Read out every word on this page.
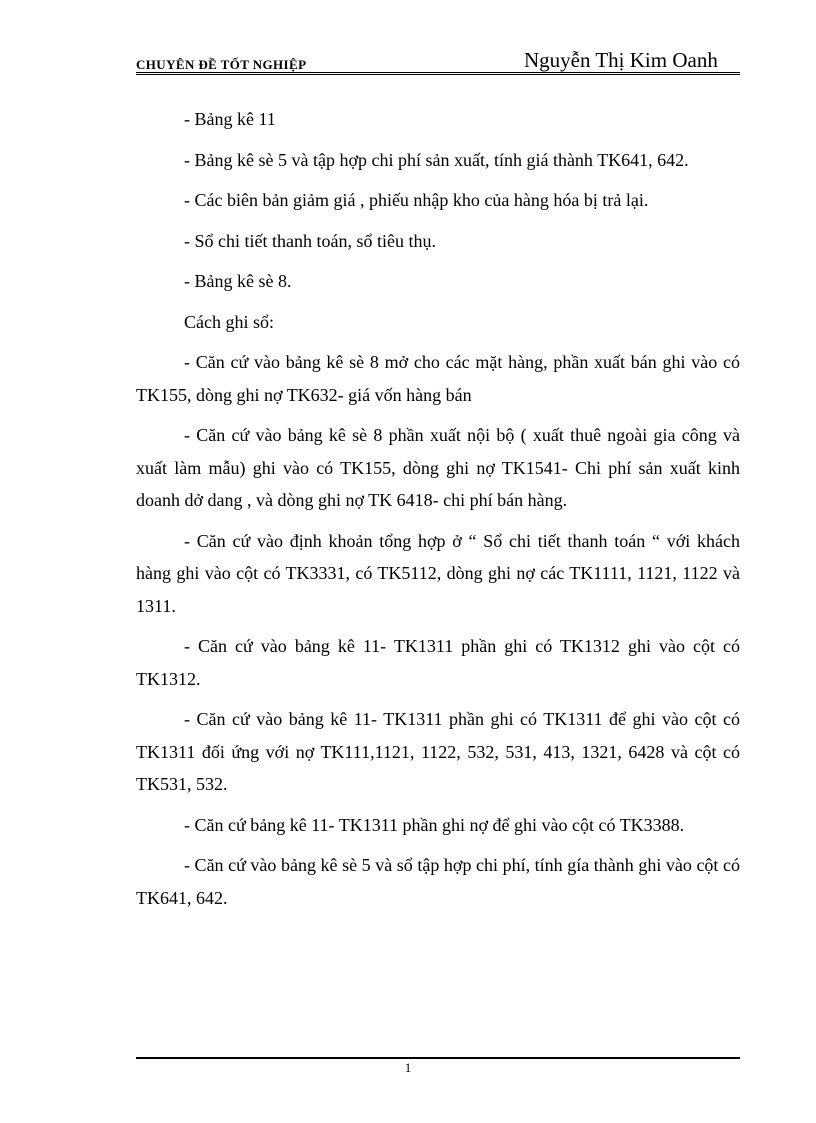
CHUYÊN ĐỀ TỐT NGHIỆP	Nguyễn Thị Kim Oanh

- Bảng kê 11

- Bảng kê sè 5 và tập hợp chi phí sản xuất, tính giá thành TK641, 642.

- Các biên bản giảm giá , phiếu nhập kho của hàng hóa bị trả lại.

- Sổ chi tiết thanh toán, sổ tiêu thụ.

- Bảng kê sè 8.

Cách ghi sổ:

- Căn cứ vào bảng kê sè 8 mở cho các mặt hàng, phần xuất bán ghi vào có TK155, dòng ghi nợ TK632- giá vốn hàng bán

- Căn cứ vào bảng kê sè 8 phần xuất nội bộ ( xuất thuê ngoài gia công và xuất làm mẫu) ghi vào có TK155, dòng ghi nợ TK1541- Chi phí sản xuất kinh doanh dở dang , và dòng ghi nợ TK 6418- chi phí bán hàng.

- Căn cứ vào định khoản tổng hợp ở “ Sổ chi tiết thanh toán “ với khách hàng ghi vào cột có TK3331, có TK5112, dòng ghi nợ các TK1111, 1121, 1122 và 1311.

- Căn cứ vào bảng kê 11- TK1311 phần ghi có TK1312 ghi vào cột có TK1312.

- Căn cứ vào bảng kê 11- TK1311 phần ghi có TK1311 để ghi vào cột có TK1311 đối ứng với nợ TK111,1121, 1122, 532, 531, 413, 1321, 6428 và cột có TK531, 532.

- Căn cứ bảng kê 11- TK1311 phần ghi nợ để ghi vào cột có TK3388.

- Căn cứ vào bảng kê sè 5 và sổ tập hợp chi phí, tính gía thành ghi vào cột có TK641, 642.

1
